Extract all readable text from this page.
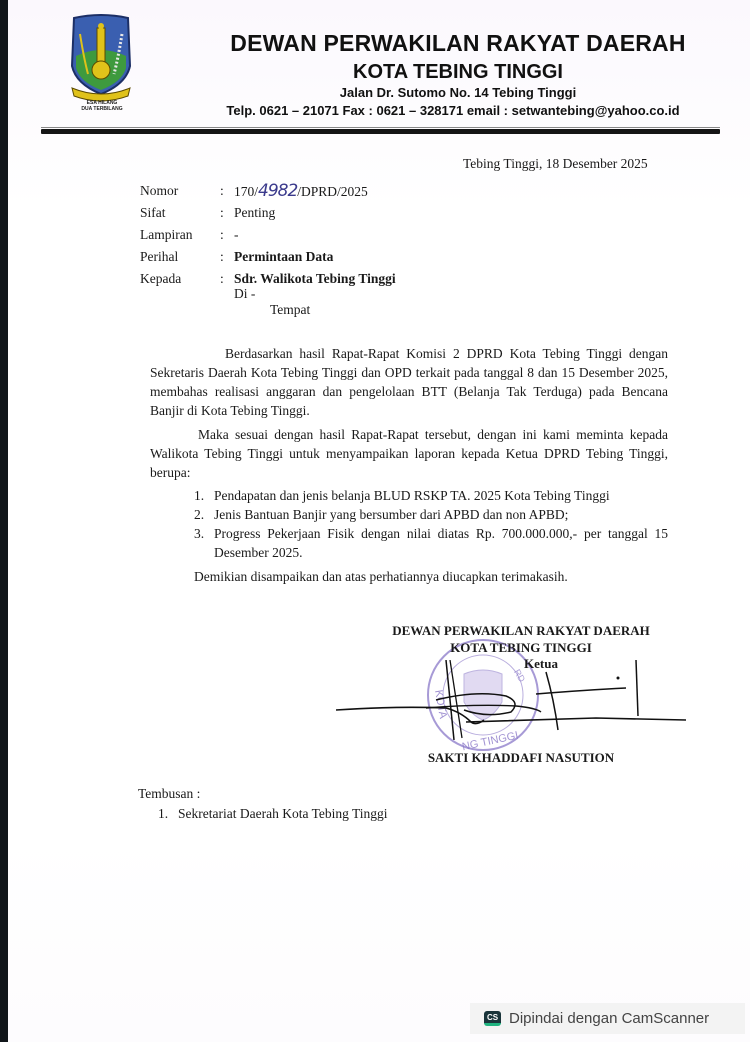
ESA HILANG
DUA TERBILANG
DEWAN PERWAKILAN RAKYAT DAERAH
KOTA TEBING TINGGI
Jalan Dr. Sutomo No. 14 Tebing Tinggi
Telp. 0621 – 21071 Fax : 0621 – 328171 email : setwantebing@yahoo.co.id
Tebing Tinggi, 18 Desember 2025
Nomor	: 170/4982/DPRD/2025
Sifat	: Penting
Lampiran	: -
Perihal	: Permintaan Data
Kepada	: Sdr. Walikota Tebing Tinggi
Di -
Tempat

Berdasarkan hasil Rapat-Rapat Komisi 2 DPRD Kota Tebing Tinggi dengan Sekretaris Daerah Kota Tebing Tinggi dan OPD terkait pada tanggal 8 dan 15 Desember 2025, membahas realisasi anggaran dan pengelolaan BTT (Belanja Tak Terduga) pada Bencana Banjir di Kota Tebing Tinggi.

Maka sesuai dengan hasil Rapat-Rapat tersebut, dengan ini kami meminta kepada Walikota Tebing Tinggi untuk menyampaikan laporan kepada Ketua DPRD Tebing Tinggi, berupa:

1. Pendapatan dan jenis belanja BLUD RSKP TA. 2025 Kota Tebing Tinggi
2. Jenis Bantuan Banjir yang bersumber dari APBD dan non APBD;
3. Progress Pekerjaan Fisik dengan nilai diatas Rp. 700.000.000,- per tanggal 15 Desember 2025.
Demikian disampaikan dan atas perhatiannya diucapkan terimakasih.
KOTA
NG TINGGI
RD
DEWAN PERWAKILAN RAKYAT DAERAH
KOTA TEBING TINGGI
Ketua
SAKTI KHADDAFI NASUTION
Tembusan :
1. Sekretariat Daerah Kota Tebing Tinggi
CS Dipindai dengan CamScanner
